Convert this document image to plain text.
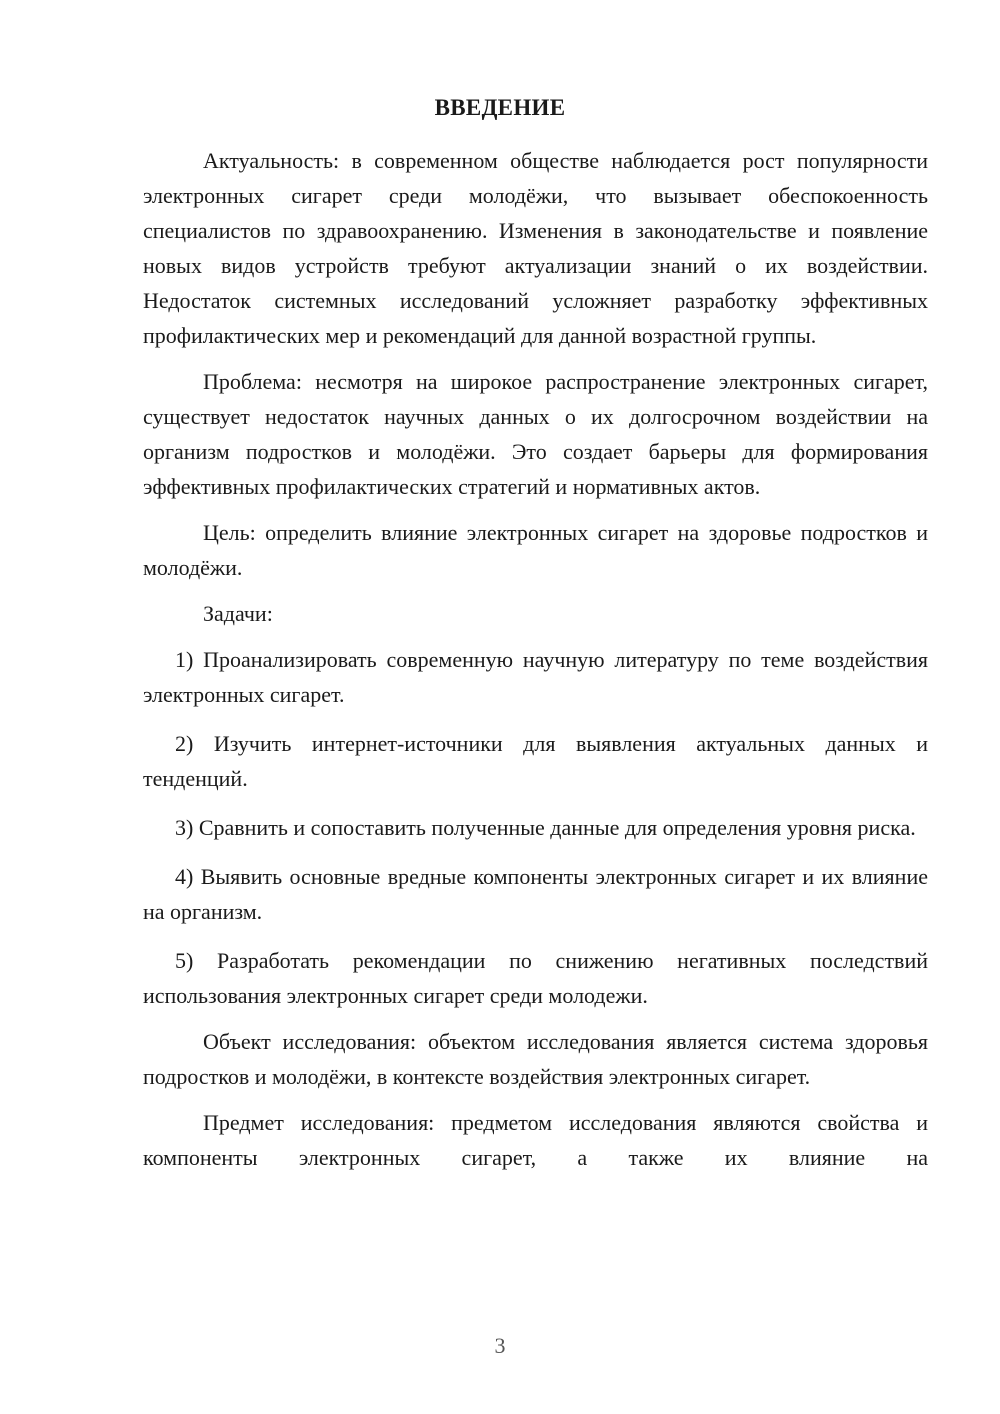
ВВЕДЕНИЕ

Актуальность: в современном обществе наблюдается рост популярности электронных сигарет среди молодёжи, что вызывает обеспокоенность специалистов по здравоохранению. Изменения в законодательстве и появление новых видов устройств требуют актуализации знаний о их воздействии. Недостаток системных исследований усложняет разработку эффективных профилактических мер и рекомендаций для данной возрастной группы.

Проблема: несмотря на широкое распространение электронных сигарет, существует недостаток научных данных о их долгосрочном воздействии на организм подростков и молодёжи. Это создает барьеры для формирования эффективных профилактических стратегий и нормативных актов.

Цель: определить влияние электронных сигарет на здоровье подростков и молодёжи.

Задачи:

1) Проанализировать современную научную литературу по теме воздействия электронных сигарет.

2) Изучить интернет-источники для выявления актуальных данных и тенденций.

3) Сравнить и сопоставить полученные данные для определения уровня риска.

4) Выявить основные вредные компоненты электронных сигарет и их влияние на организм.

5) Разработать рекомендации по снижению негативных последствий использования электронных сигарет среди молодежи.

Объект исследования: объектом исследования является система здоровья подростков и молодёжи, в контексте воздействия электронных сигарет.

Предмет исследования: предметом исследования являются свойства и компоненты электронных сигарет, а также их влияние на

3
